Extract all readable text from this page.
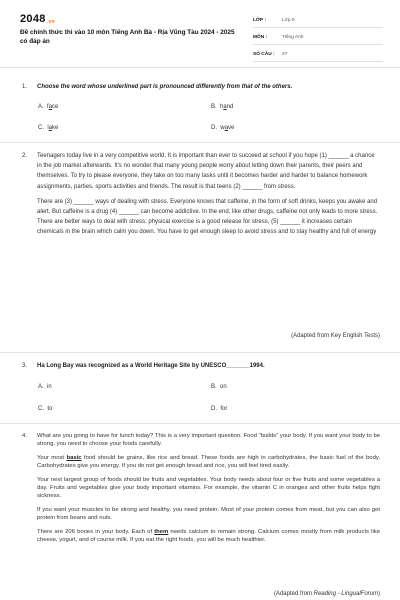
2048.vn
Đề chính thức thi vào 10 môn Tiếng Anh Bà - Rịa Vũng Tàu 2024 - 2025 có đáp án
LỚP :	Lớp 9
MÔN :	Tiếng Anh
SỐ CÂU :	27
1. Choose the word whose underlined part is pronounced differently from that of the others.
A. face	B. hand
C. lake	D. wave
2. Teenagers today live in a very competitive world. It is important than ever to succeed at school if you hope (1) ______ a chance in the job market afterwards. It's no wonder that many young people worry about letting down their parents, their peers and themselves. To try to please everyone, they take on too many tasks until it becomes harder and harder to balance homework assignments, parties, sports activities and friends. The result is that teens (2) ______ from stress.

There are (3) ______ ways of dealing with stress. Everyone knows that caffeine, in the form of soft drinks, keeps you awake and alert. But caffeine is a drug (4) ______ can become addictive. In the end, like other drugs, caffeine not only leads to more stress. There are better ways to deal with stress: physical exercise is a good release for stress, (5) ______ it increases certain chemicals in the brain which calm you down. You have to get enough sleep to avoid stress and to stay healthy and full of energy

(Adapted from Key English Tests)
3. Ha Long Bay was recognized as a World Heritage Site by UNESCO_______1994.
A. in	B. on
C. to	D. for
4. What are you going to have for lunch today? This is a very important question. Food "builds" your body. If you want your body to be strong, you need to choose your foods carefully.

Your most basic food should be grains, like rice and bread. These foods are high in carbohydrates, the basic fuel of the body. Carbohydrates give you energy. If you do not get enough bread and rice, you will feel tired easily.

Your next largest group of foods should be fruits and vegetables. Your body needs about four or five fruits and some vegetables a day. Fruits and vegetables give your body important vitamins. For example, the vitamin C in oranges and other fruits helps fight sickness.

If you want your muscles to be strong and healthy, you need protein. Most of your protein comes from meat, but you can also get protein from beans and nuts.

There are 206 bones in your body. Each of them needs calcium to remain strong. Calcium comes mostly from milk products like cheese, yogurt, and of course milk. If you eat the right foods, you will be much healthier.

(Adapted from Reading - LingualForum)
